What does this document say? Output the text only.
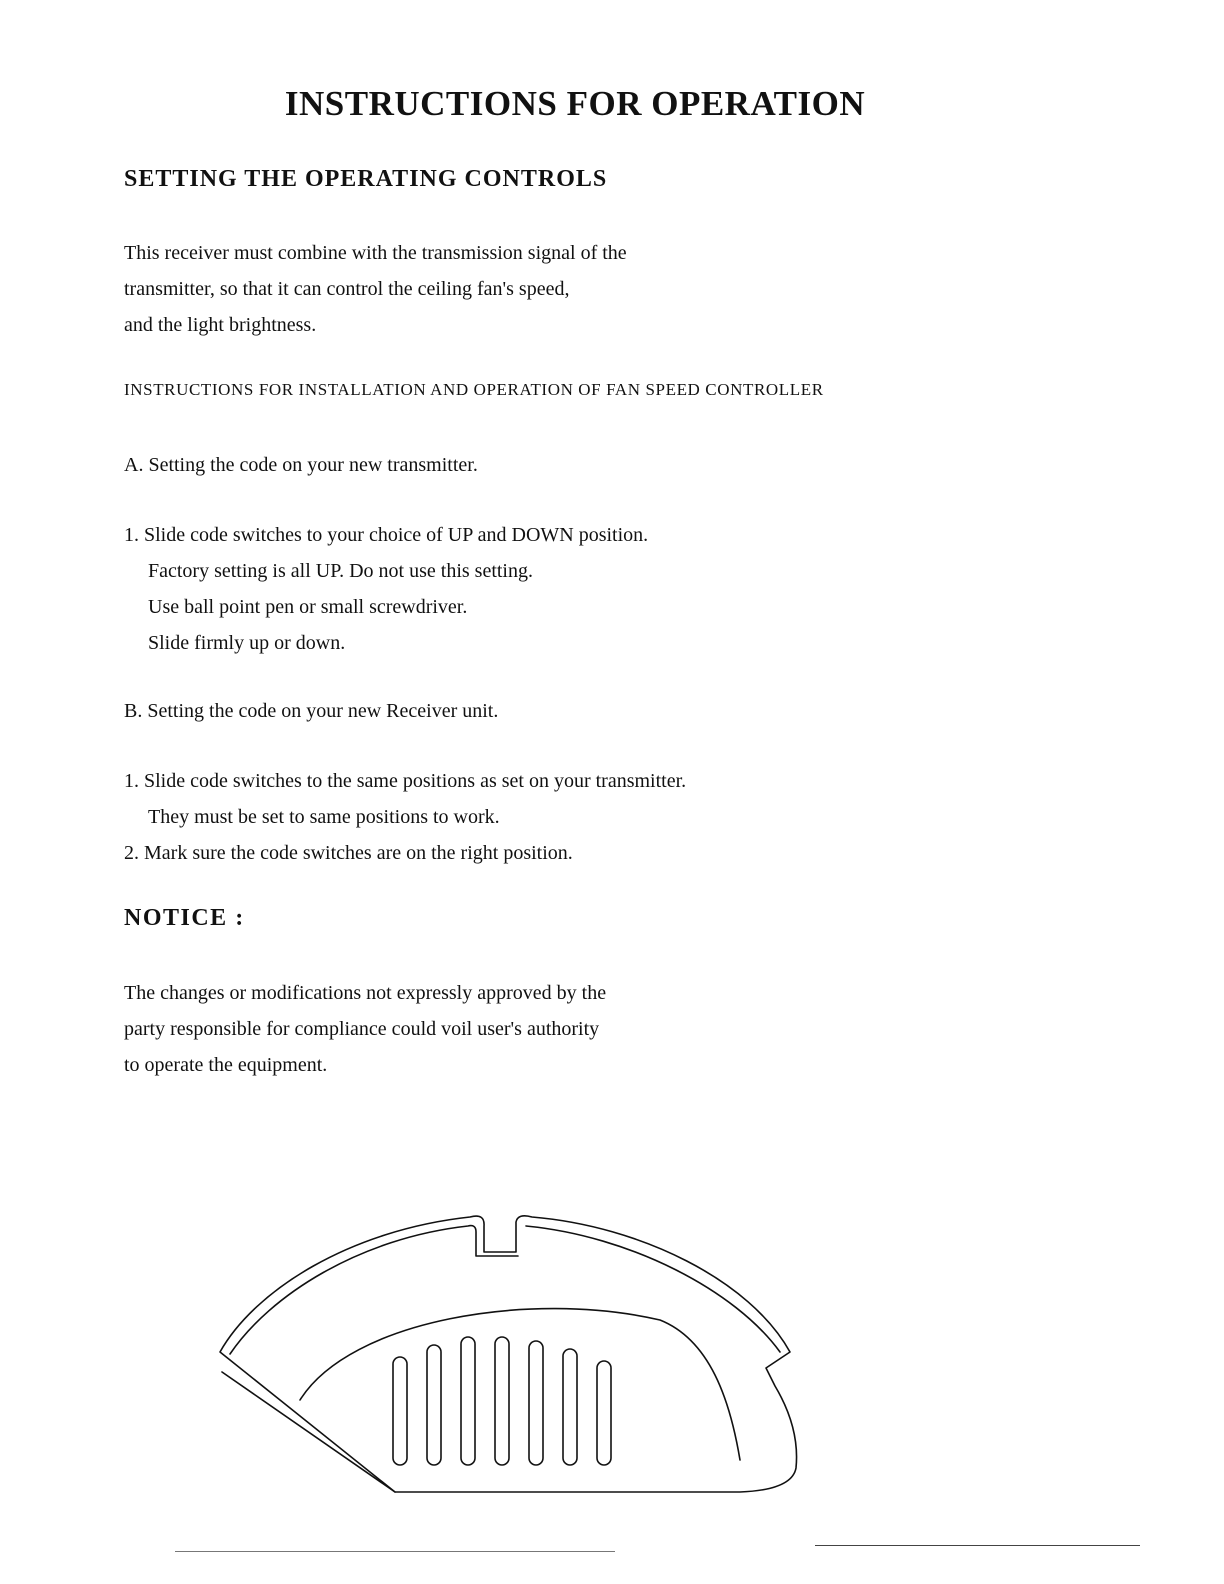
INSTRUCTIONS FOR OPERATION
SETTING THE OPERATING CONTROLS
This receiver must combine with the transmission signal of the
transmitter, so that it can control the ceiling fan's speed,
and the light brightness.
INSTRUCTIONS FOR INSTALLATION AND OPERATION OF FAN SPEED CONTROLLER
A. Setting the code on your new transmitter.
1. Slide code switches to your choice of UP and DOWN position.
Factory setting is all UP. Do not use this setting.
Use ball point pen or small screwdriver.
Slide firmly up or down.
B. Setting the code on your new Receiver unit.
1. Slide code switches to the same positions as set on your transmitter.
They must be set to same positions to work.
2. Mark sure the code switches are on the right position.
NOTICE :
The changes or modifications not expressly approved by the
party responsible for compliance could voil user's authority
to operate the equipment.
